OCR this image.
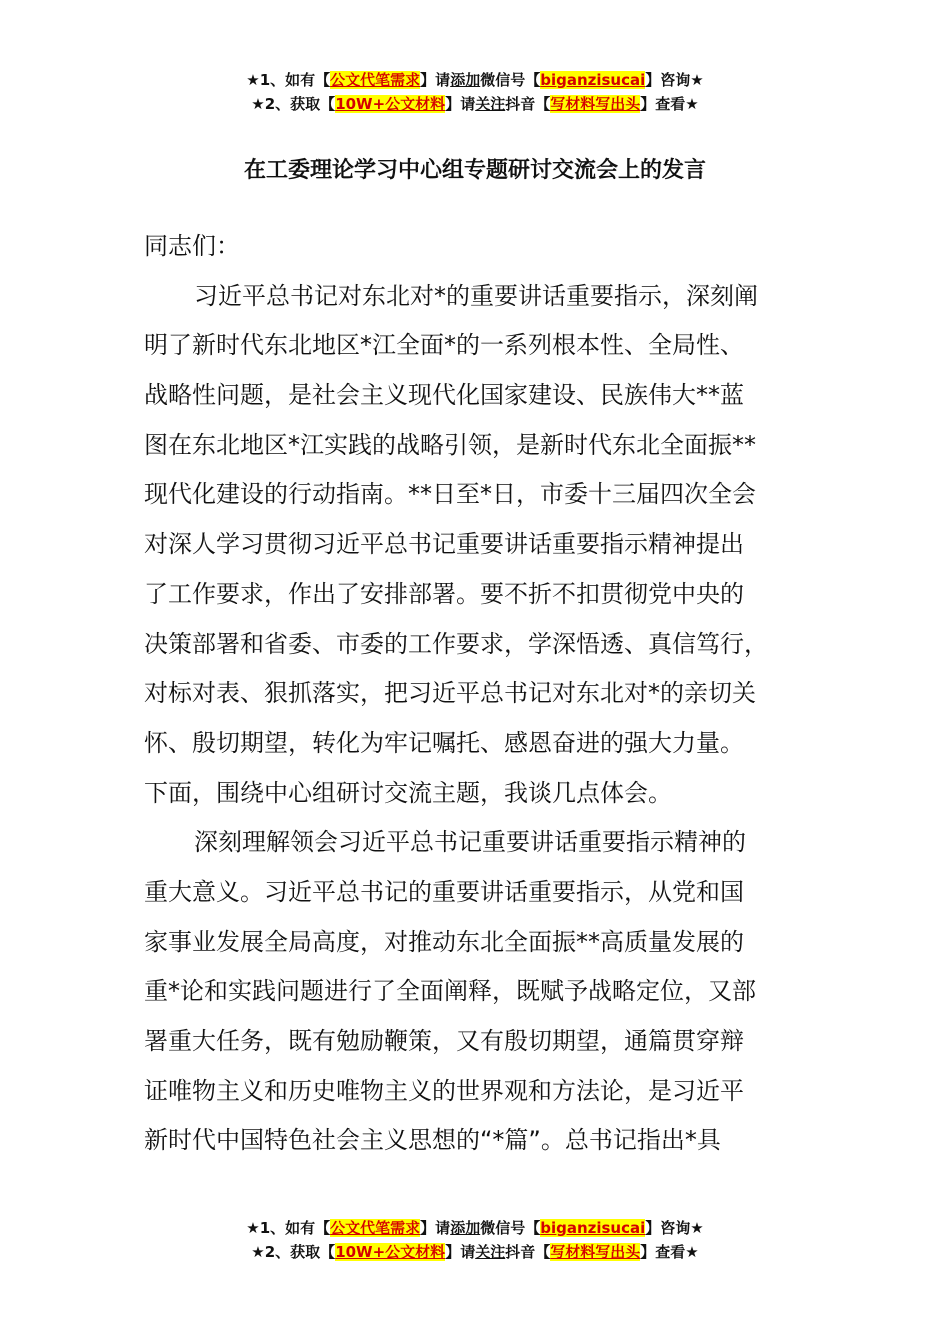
★1、如有【公文代笔需求】请添加微信号【biganzisucai】咨询★
★2、获取【10W+公文材料】请关注抖音【写材料写出头】查看★
在工委理论学习中心组专题研讨交流会上的发言
同志们：
习近平总书记对东北对*的重要讲话重要指示，深刻阐
明了新时代东北地区*江全面*的一系列根本性、全局性、
战略性问题，是社会主义现代化国家建设、民族伟大**蓝
图在东北地区*江实践的战略引领，是新时代东北全面振**
现代化建设的行动指南。**日至*日，市委十三届四次全会
对深人学习贯彻习近平总书记重要讲话重要指示精神提出
了工作要求，作出了安排部署。要不折不扣贯彻党中央的
决策部署和省委、市委的工作要求，学深悟透、真信笃行，
对标对表、狠抓落实，把习近平总书记对东北对*的亲切关
怀、殷切期望，转化为牢记嘱托、感恩奋进的强大力量。
下面，围绕中心组研讨交流主题，我谈几点体会。
深刻理解领会习近平总书记重要讲话重要指示精神的
重大意义。习近平总书记的重要讲话重要指示，从党和国
家事业发展全局高度，对推动东北全面振**高质量发展的
重*论和实践问题进行了全面阐释，既赋予战略定位，又部
署重大任务，既有勉励鞭策，又有殷切期望，通篇贯穿辩
证唯物主义和历史唯物主义的世界观和方法论，是习近平
新时代中国特色社会主义思想的“*篇”。总书记指出*具
★1、如有【公文代笔需求】请添加微信号【biganzisucai】咨询★
★2、获取【10W+公文材料】请关注抖音【写材料写出头】查看★
